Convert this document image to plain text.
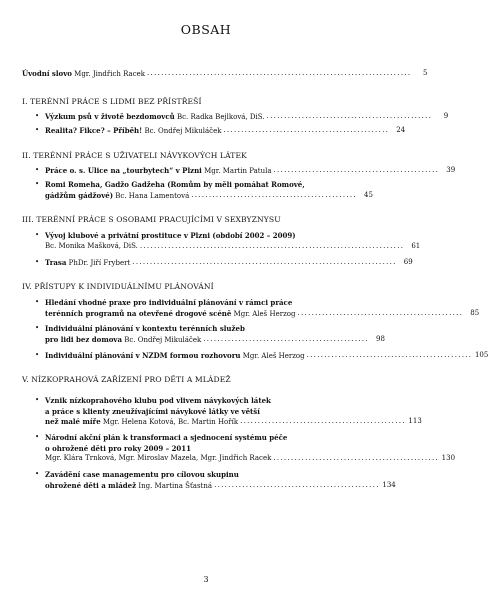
OBSAH
Úvodní slovo Mgr. Jindřich Racek ...........................................................................	5
I. TERÉNNÍ PRÁCE S LIDMI BEZ PŘÍSTŘEŠÍ
• Výzkum psů v životě bezdomovců Bc. Radka Bejlková, DiS. ...............................................	9
• Realita? Fikce? – Příběh! Bc. Ondřej Mikuláček ...............................................	24
II. TERÉNNÍ PRÁCE S UŽIVATELI NÁVYKOVÝCH LÁTEK
• Práce o. s. Ulice na „tourbytech“ v Plzni Mgr. Martin Patula ...............................................	39
• Romi Romeha, Gadžo Gadžeha (Romům by měli pomáhat Romové,
gádžům gádžové) Bc. Hana Lamentová ...............................................	45
III. TERÉNNÍ PRÁCE S OSOBAMI PRACUJÍCÍMI V SEXBYZNYSU
• Vývoj klubové a privátní prostituce v Plzni (období 2002 – 2009)
Bc. Monika Mašková, DiS. ...........................................................................	61
• Trasa PhDr. Jiří Frybert ...........................................................................	69
IV. PŘÍSTUPY K INDIVIDUÁLNÍMU PLÁNOVÁNÍ
• Hledání vhodné praxe pro individuální plánování v rámci práce
terénních programů na otevřené drogové scéně Mgr. Aleš Herzog ...............................................	85
• Individuální plánování v kontextu terénních služeb
pro lidi bez domova Bc. Ondřej Mikuláček ...............................................	98
• Individuální plánování v NZDM formou rozhovoru Mgr. Aleš Herzog ............................................... 105
V. NÍZKOPRAHOVÁ ZAŘÍZENÍ PRO DĚTI A MLÁDEŽ
• Vznik nízkoprahového klubu pod vlivem návykových látek
a práce s klienty zneužívajícími návykové látky ve větší
než malé míře Mgr. Helena Kotová, Bc. Martin Hořík ............................................... 113
• Národní akční plán k transformaci a sjednocení systému péče
o ohrožené děti pro roky 2009 – 2011
Mgr. Klára Trnková, Mgr. Miroslav Mazela, Mgr. Jindřich Racek ............................................... 130
• Zavádění case managementu pro cílovou skupinu
ohrožené děti a mládež Ing. Martina Šťastná ............................................... 134
3
